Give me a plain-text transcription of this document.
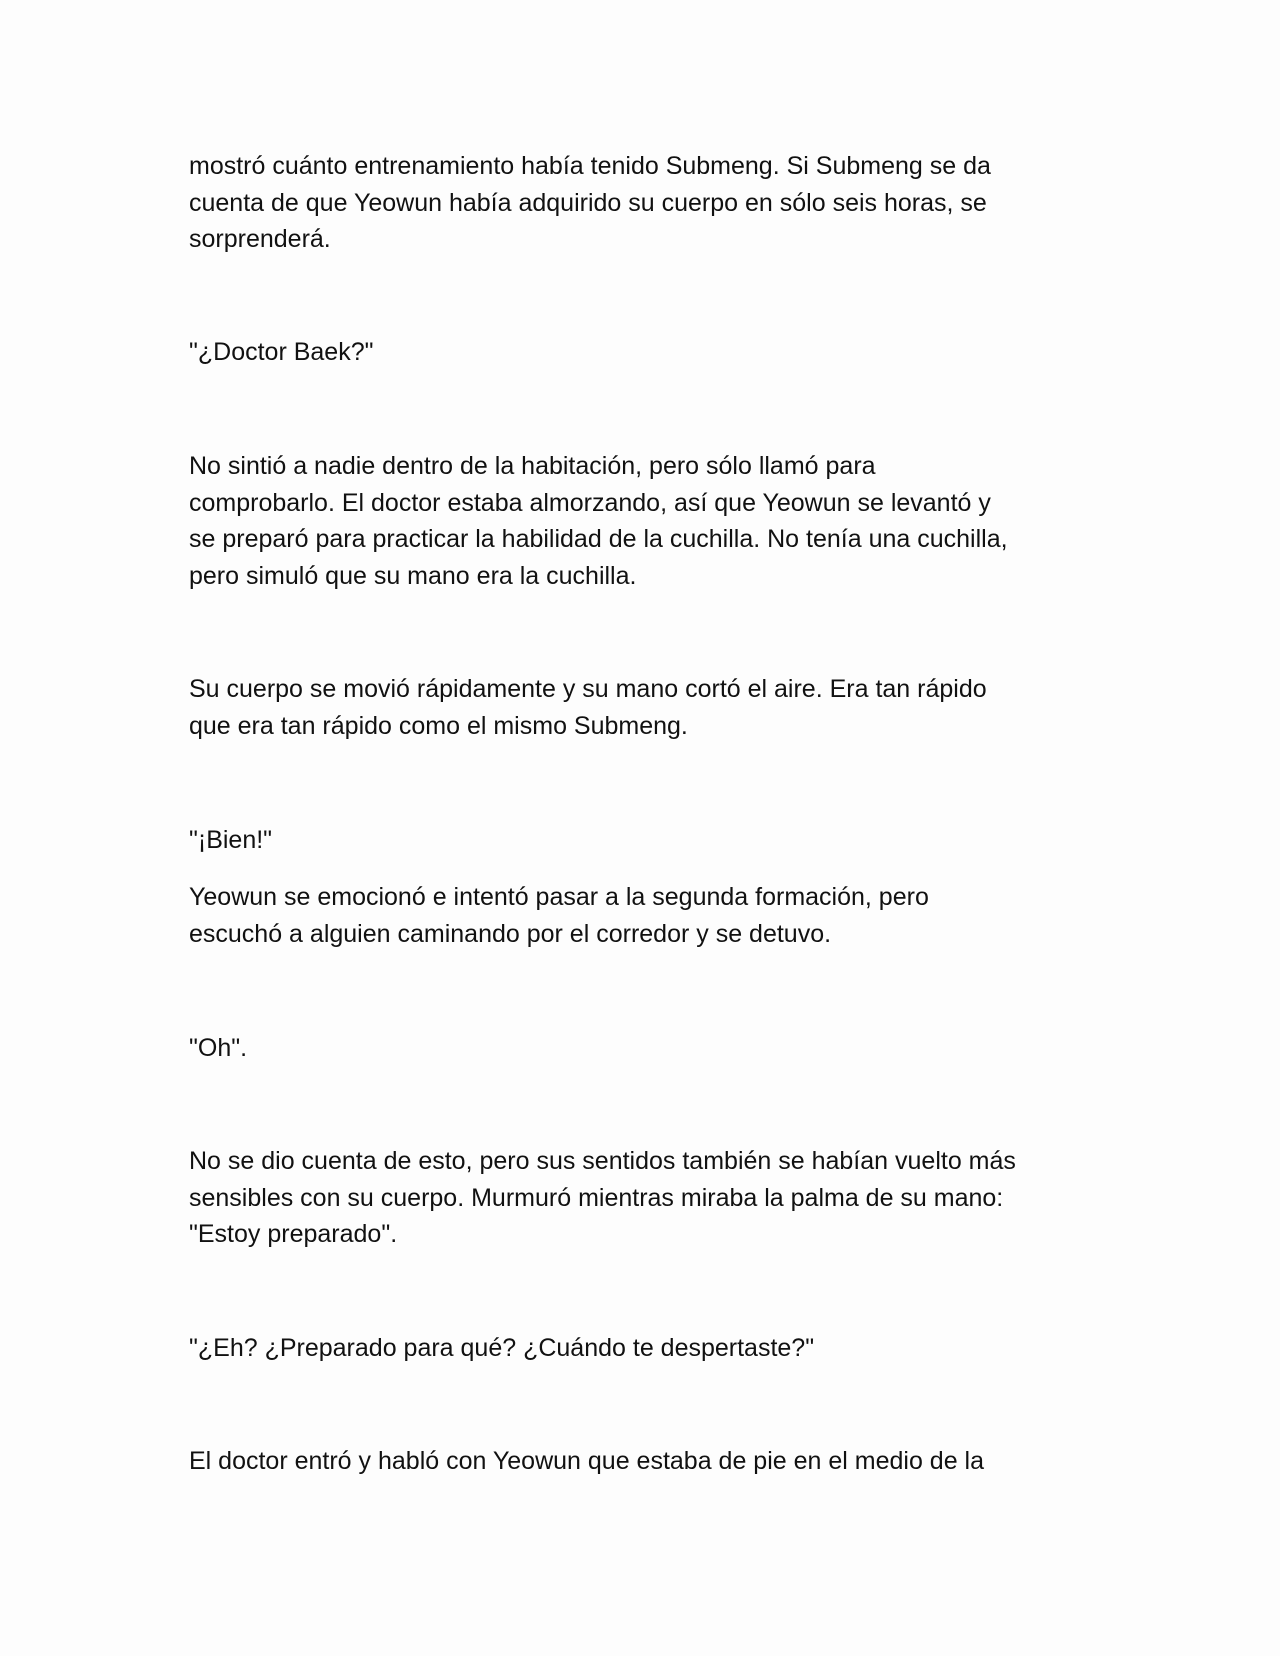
mostró cuánto entrenamiento había tenido Submeng. Si Submeng se da
cuenta de que Yeowun había adquirido su cuerpo en sólo seis horas, se
sorprenderá.

"¿Doctor Baek?"

No sintió a nadie dentro de la habitación, pero sólo llamó para
comprobarlo. El doctor estaba almorzando, así que Yeowun se levantó y
se preparó para practicar la habilidad de la cuchilla. No tenía una cuchilla,
pero simuló que su mano era la cuchilla.

Su cuerpo se movió rápidamente y su mano cortó el aire. Era tan rápido
que era tan rápido como el mismo Submeng.

"¡Bien!"

Yeowun se emocionó e intentó pasar a la segunda formación, pero
escuchó a alguien caminando por el corredor y se detuvo.

"Oh".

No se dio cuenta de esto, pero sus sentidos también se habían vuelto más
sensibles con su cuerpo. Murmuró mientras miraba la palma de su mano:
"Estoy preparado".

"¿Eh? ¿Preparado para qué? ¿Cuándo te despertaste?"

El doctor entró y habló con Yeowun que estaba de pie en el medio de la
